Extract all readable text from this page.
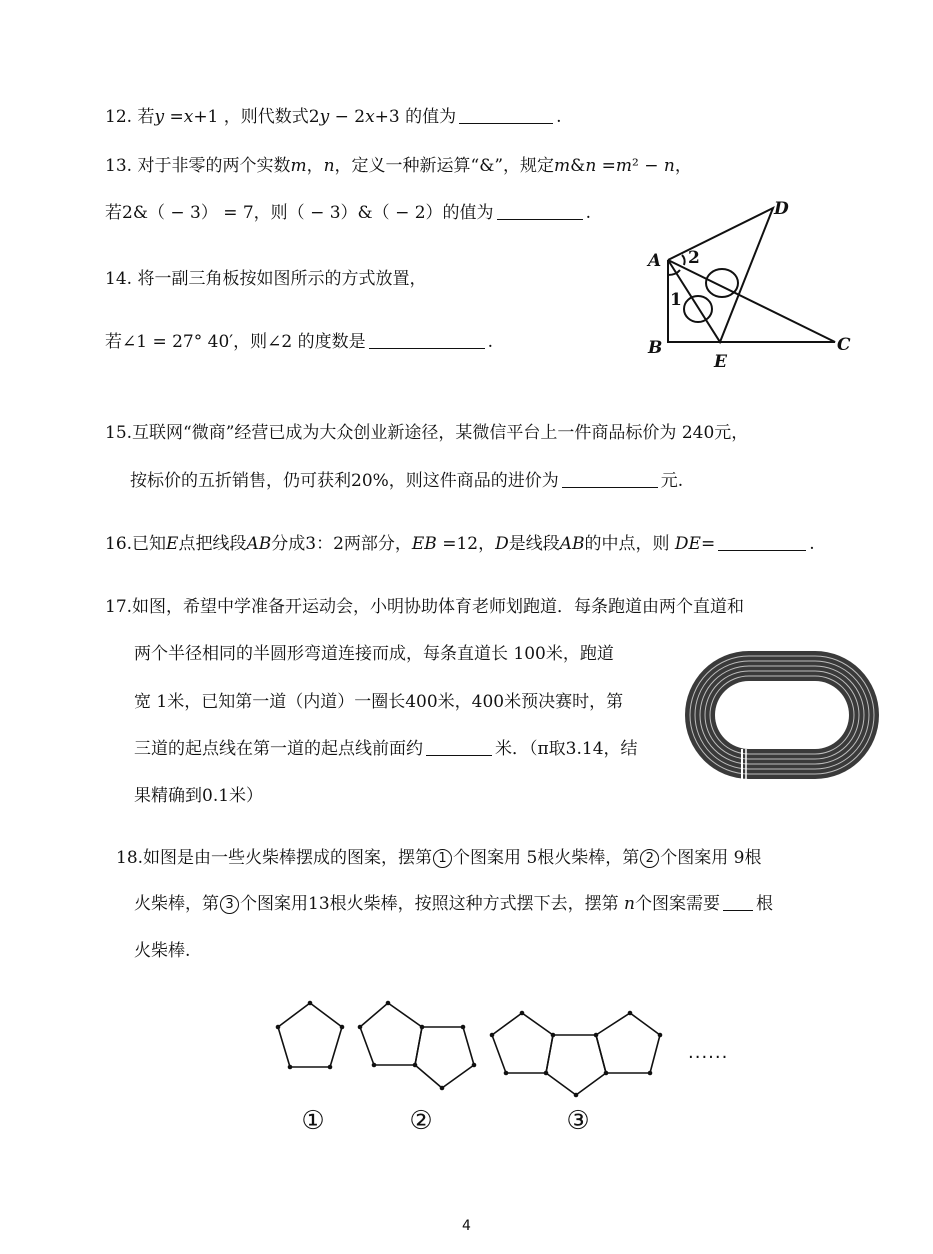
12. 若y =x+1 ，则代数式2y − 2x+3 的值为	.
13. 对于非零的两个实数m，n，定义一种新运算“&”，规定m&n =m² − n，
若2&（ − 3） = 7，则（ − 3）&（ − 2）的值为	.
14. 将一副三角板按如图所示的方式放置，
若∠1 = 27° 40′，则∠2 的度数是	.
A
B	C
D
E
1
2
15.互联网“微商”经营已成为大众创业新途径，某微信平台上一件商品标价为 240元，
按标价的五折销售，仍可获利20%，则这件商品的进价为	元.
16.已知E点把线段AB分成3：2两部分，EB =12，D是线段AB的中点，则 DE=	.
17.如图，希望中学准备开运动会，小明协助体育老师划跑道．每条跑道由两个直道和
两个半径相同的半圆形弯道连接而成，每条直道长 100米，跑道
宽 1米，已知第一道（内道）一圈长400米，400米预决赛时，第
三道的起点线在第一道的起点线前面约	米．（π取3.14，结
果精确到0.1米）
18.如图是由一些火柴棒摆成的图案，摆第 1 个图案用 5根火柴棒，第 2 个图案用 9根
火柴棒，第 3 个图案用13根火柴棒，按照这种方式摆下去，摆第 n个图案需要 根
火柴棒.
......
①	②	③
4
